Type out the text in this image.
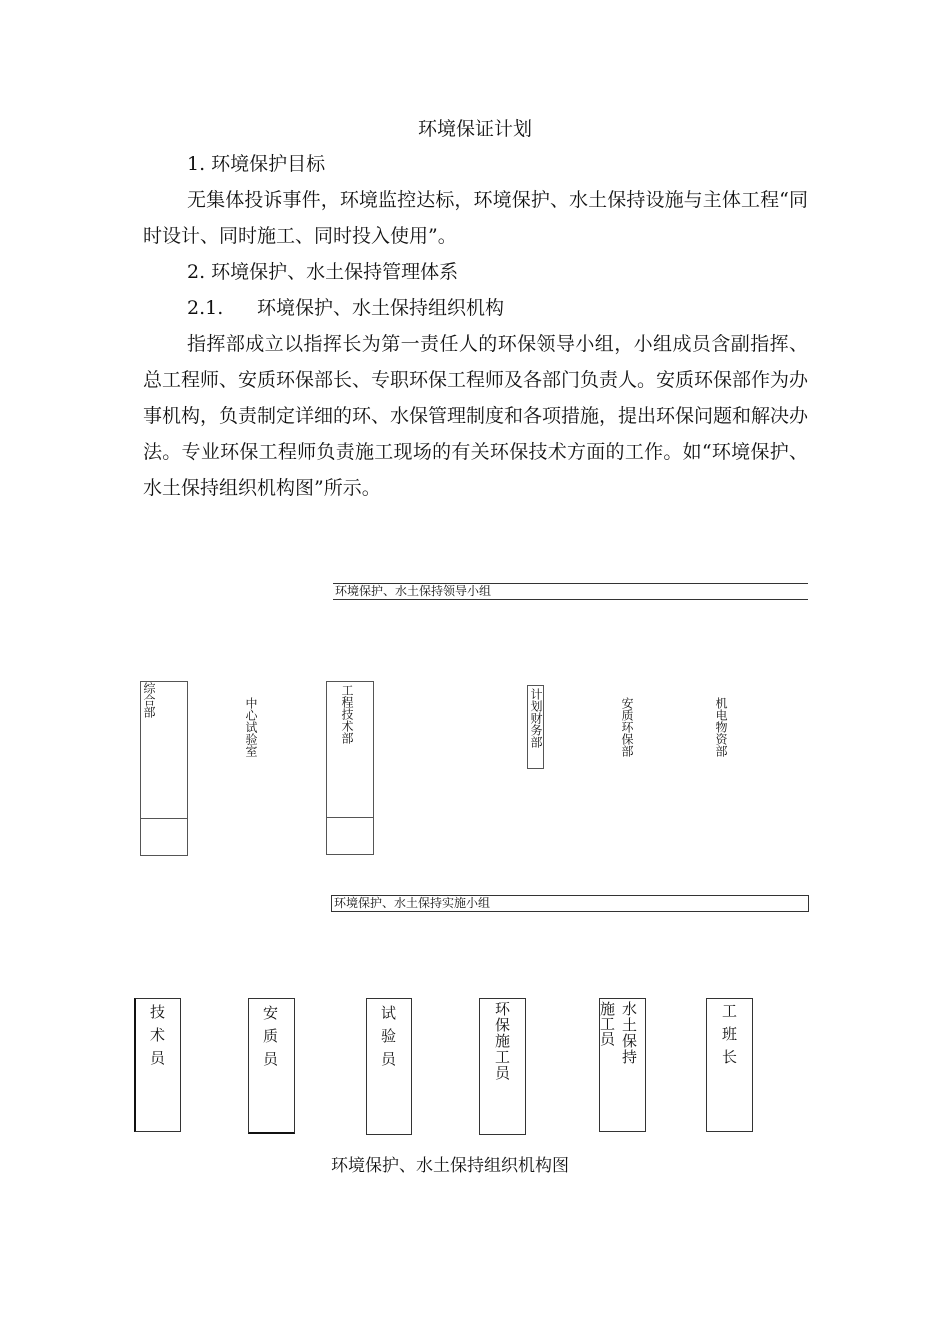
环境保证计划
1. 环境保护目标
无集体投诉事件，环境监控达标，环境保护、水土保持设施与主体工程“同时设计、同时施工、同时投入使用”。
2. 环境保护、水土保持管理体系
2.1. 环境保护、水土保持组织机构
指挥部成立以指挥长为第一责任人的环保领导小组，小组成员含副指挥、总工程师、安质环保部长、专职环保工程师及各部门负责人。安质环保部作为办事机构，负责制定详细的环、水保管理制度和各项措施，提出环保问题和解决办法。专业环保工程师负责施工现场的有关环保技术方面的工作。如“环境保护、水土保持组织机构图”所示。
环境保护、水土保持领导小组
综合部	中心试验室	工程技术部	计划财务部	安质环保部	机电物资部
环境保护、水土保持实施小组
技术员	安质员	试验员	环保施工员	施工员 水土保持	工班长
环境保护、水土保持组织机构图
